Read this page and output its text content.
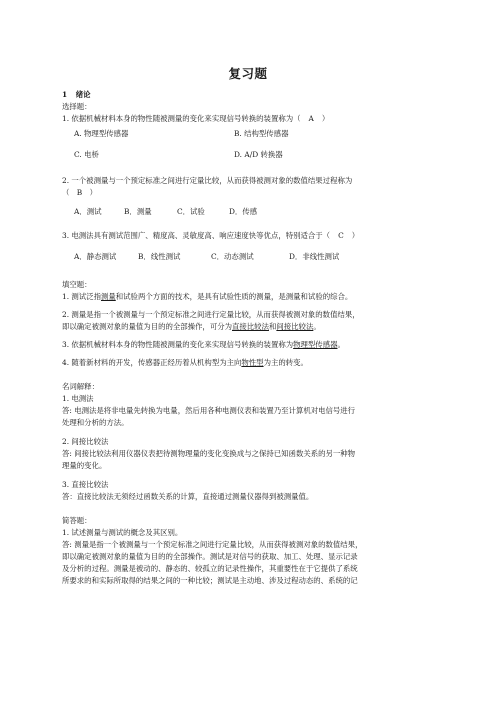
复习题
1 绪论
选择题：
1. 依据机械材料本身的物性随被测量的变化来实现信号转换的装置称为（ A ）
A. 物理型传感器	B. 结构型传感器
C. 电桥	D. A/D 转换器
2. 一个被测量与一个预定标准之间进行定量比较，从而获得被测对象的数值结果过程称为
（　B　）
A．测试	B．测量	C．试验	D．传感
3. 电测法具有测试范围广、精度高、灵敏度高、响应速度快等优点，特别适合于（ C ）
A．静态测试	B．线性测试	C．动态测试	D．非线性测试
填空题：
1. 测试泛指测量和试验两个方面的技术，是具有试验性质的测量，是测量和试验的综合。
2. 测量是指一个被测量与一个预定标准之间进行定量比较，从而获得被测对象的数值结果，
即以确定被测对象的量值为目的的全部操作，可分为直接比较法和间接比较法。
3. 依据机械材料本身的物性随被测量的变化来实现信号转换的装置称为物理型传感器。
4. 随着新材料的开发，传感器正经历着从机构型为主向物性型为主的转变。
名词解释：
1. 电测法
答: 电测法是将非电量先转换为电量，然后用各种电测仪表和装置乃至计算机对电信号进行
处理和分析的方法。
2. 间接比较法
答: 间接比较法利用仪器仪表把待测物理量的变化变换成与之保持已知函数关系的另一种物
理量的变化。
3. 直接比较法
答：直接比较法无须经过函数关系的计算，直接通过测量仪器得到被测量值。
简答题：
1. 试述测量与测试的概念及其区别。
答: 测量是指一个被测量与一个预定标准之间进行定量比较，从而获得被测对象的数值结果，
即以确定被测对象的量值为目的的全部操作。测试是对信号的获取、加工、处理、显示记录
及分析的过程。测量是被动的、静态的、较孤立的记录性操作，其重要性在于它提供了系统
所要求的和实际所取得的结果之间的一种比较；测试是主动地、涉及过程动态的、系统的记
